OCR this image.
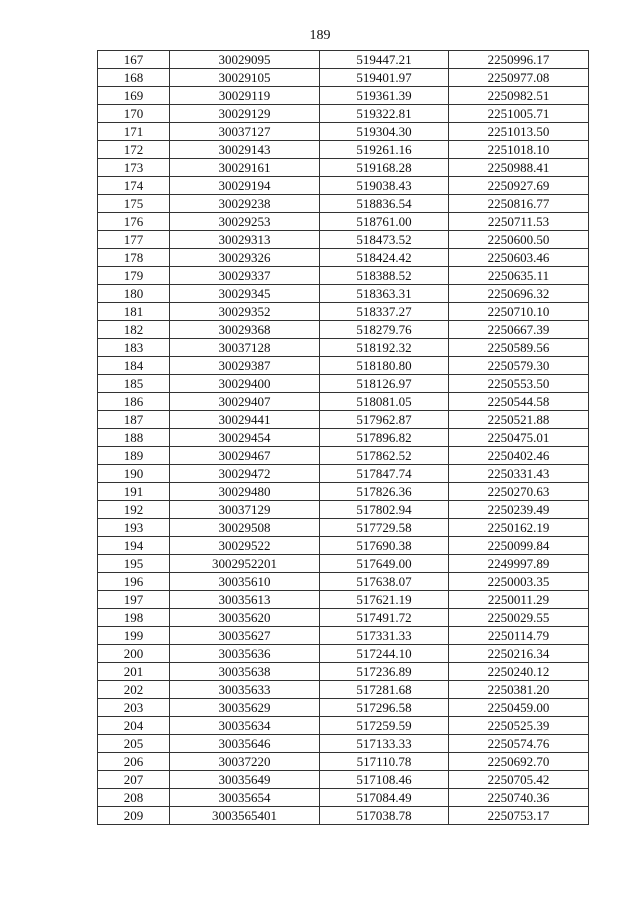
189
167	30029095	519447.21	2250996.17
168	30029105	519401.97	2250977.08
169	30029119	519361.39	2250982.51
170	30029129	519322.81	2251005.71
171	30037127	519304.30	2251013.50
172	30029143	519261.16	2251018.10
173	30029161	519168.28	2250988.41
174	30029194	519038.43	2250927.69
175	30029238	518836.54	2250816.77
176	30029253	518761.00	2250711.53
177	30029313	518473.52	2250600.50
178	30029326	518424.42	2250603.46
179	30029337	518388.52	2250635.11
180	30029345	518363.31	2250696.32
181	30029352	518337.27	2250710.10
182	30029368	518279.76	2250667.39
183	30037128	518192.32	2250589.56
184	30029387	518180.80	2250579.30
185	30029400	518126.97	2250553.50
186	30029407	518081.05	2250544.58
187	30029441	517962.87	2250521.88
188	30029454	517896.82	2250475.01
189	30029467	517862.52	2250402.46
190	30029472	517847.74	2250331.43
191	30029480	517826.36	2250270.63
192	30037129	517802.94	2250239.49
193	30029508	517729.58	2250162.19
194	30029522	517690.38	2250099.84
195	3002952201	517649.00	2249997.89
196	30035610	517638.07	2250003.35
197	30035613	517621.19	2250011.29
198	30035620	517491.72	2250029.55
199	30035627	517331.33	2250114.79
200	30035636	517244.10	2250216.34
201	30035638	517236.89	2250240.12
202	30035633	517281.68	2250381.20
203	30035629	517296.58	2250459.00
204	30035634	517259.59	2250525.39
205	30035646	517133.33	2250574.76
206	30037220	517110.78	2250692.70
207	30035649	517108.46	2250705.42
208	30035654	517084.49	2250740.36
209	3003565401	517038.78	2250753.17
